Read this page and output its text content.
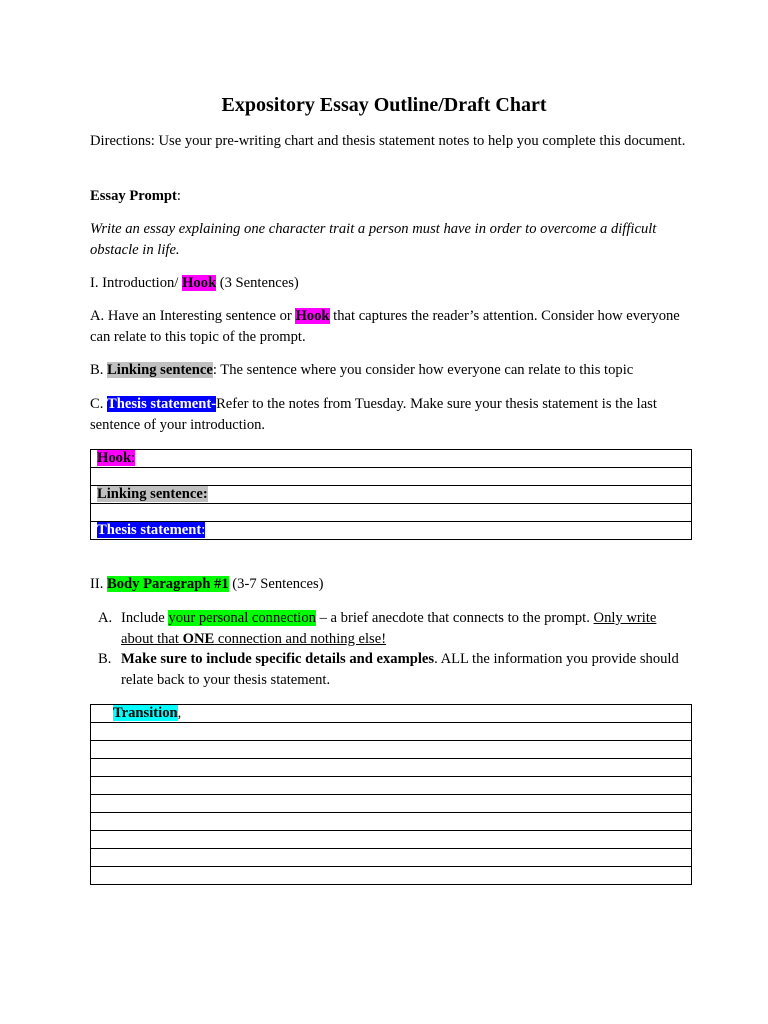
Expository Essay Outline/Draft Chart

Directions: Use your pre-writing chart and thesis statement notes to help you complete this document.

Essay Prompt:

Write an essay explaining one character trait a person must have in order to overcome a difficult obstacle in life.

I. Introduction/ Hook (3 Sentences)

A. Have an Interesting sentence or Hook that captures the reader’s attention. Consider how everyone can relate to this topic of the prompt.

B. Linking sentence: The sentence where you consider how everyone can relate to this topic

C. Thesis statement-Refer to the notes from Tuesday. Make sure your thesis statement is the last sentence of your introduction.

Hook:

Linking sentence:

Thesis statement:

II. Body Paragraph #1 (3-7 Sentences)

A. Include your personal connection – a brief anecdote that connects to the prompt. Only write about that ONE connection and nothing else!
B. Make sure to include specific details and examples. ALL the information you provide should relate back to your thesis statement.
Transition,
